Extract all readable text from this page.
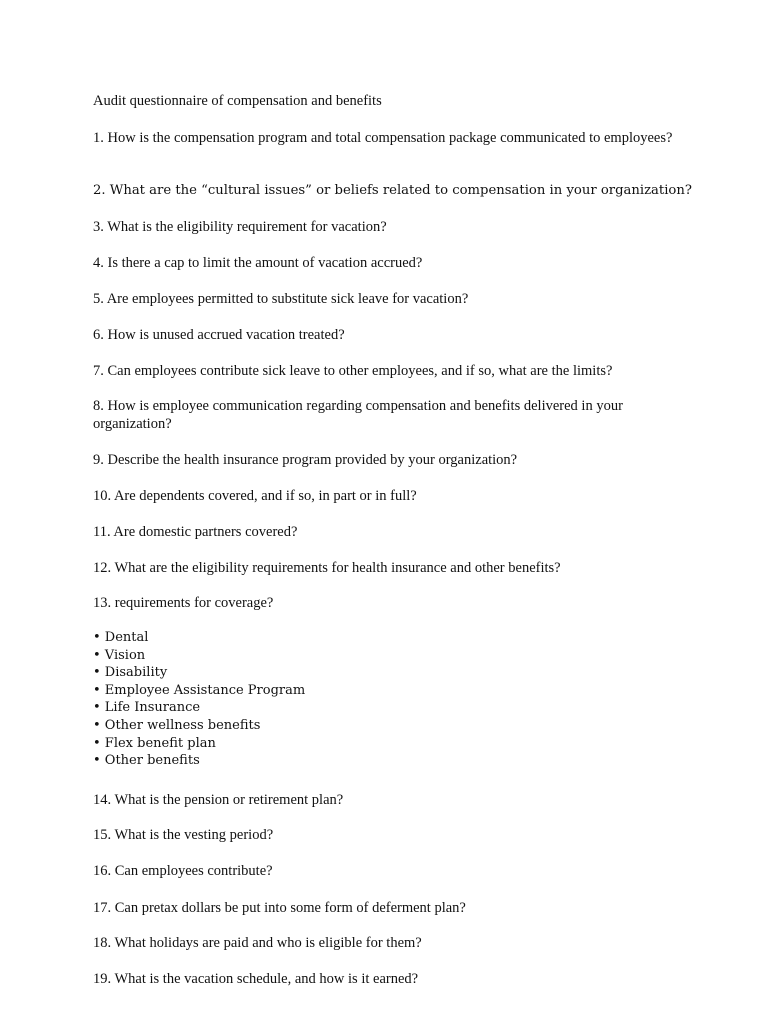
Audit questionnaire of compensation and benefits
1. How is the compensation program and total compensation package communicated to employees?
2. What are the “cultural issues” or beliefs related to compensation in your organization?
3. What is the eligibility requirement for vacation?
4. Is there a cap to limit the amount of vacation accrued?
5. Are employees permitted to substitute sick leave for vacation?
6. How is unused accrued vacation treated?
7. Can employees contribute sick leave to other employees, and if so, what are the limits?
8. How is employee communication regarding compensation and benefits delivered in your organization?
9. Describe the health insurance program provided by your organization?
10. Are dependents covered, and if so, in part or in full?
11. Are domestic partners covered?
12. What are the eligibility requirements for health insurance and other benefits?
13. requirements for coverage?
• Dental
• Vision
• Disability
• Employee Assistance Program
• Life Insurance
• Other wellness benefits
• Flex benefit plan
• Other benefits
14. What is the pension or retirement plan?
15. What is the vesting period?
16. Can employees contribute?
17. Can pretax dollars be put into some form of deferment plan?
18. What holidays are paid and who is eligible for them?
19. What is the vacation schedule, and how is it earned?
